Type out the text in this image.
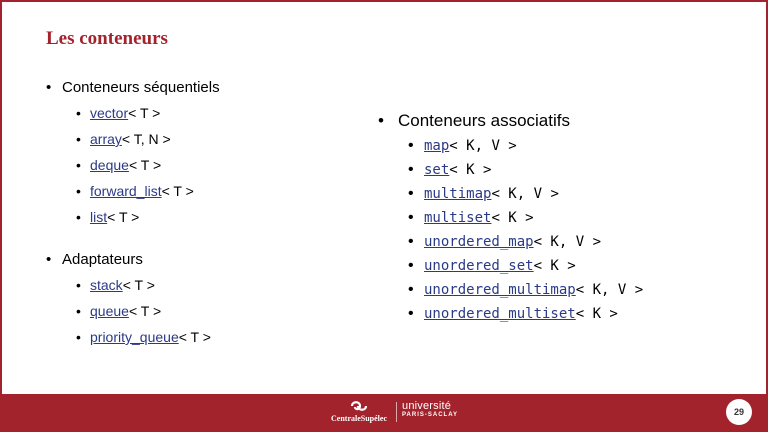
Les conteneurs
• Conteneurs séquentiels
• vector< T >
• array< T, N >
• deque< T >
• forward_list< T >
• list< T >
• Adaptateurs
• stack< T >
• queue< T >
• priority_queue< T >
• Conteneurs associatifs
• map< K, V >
• set< K >
• multimap< K, V >
• multiset< K >
• unordered_map< K, V >
• unordered_set< K >
• unordered_multimap< K, V >
• unordered_multiset< K >
CentraleSupélec
université
PARIS-SACLAY	29
